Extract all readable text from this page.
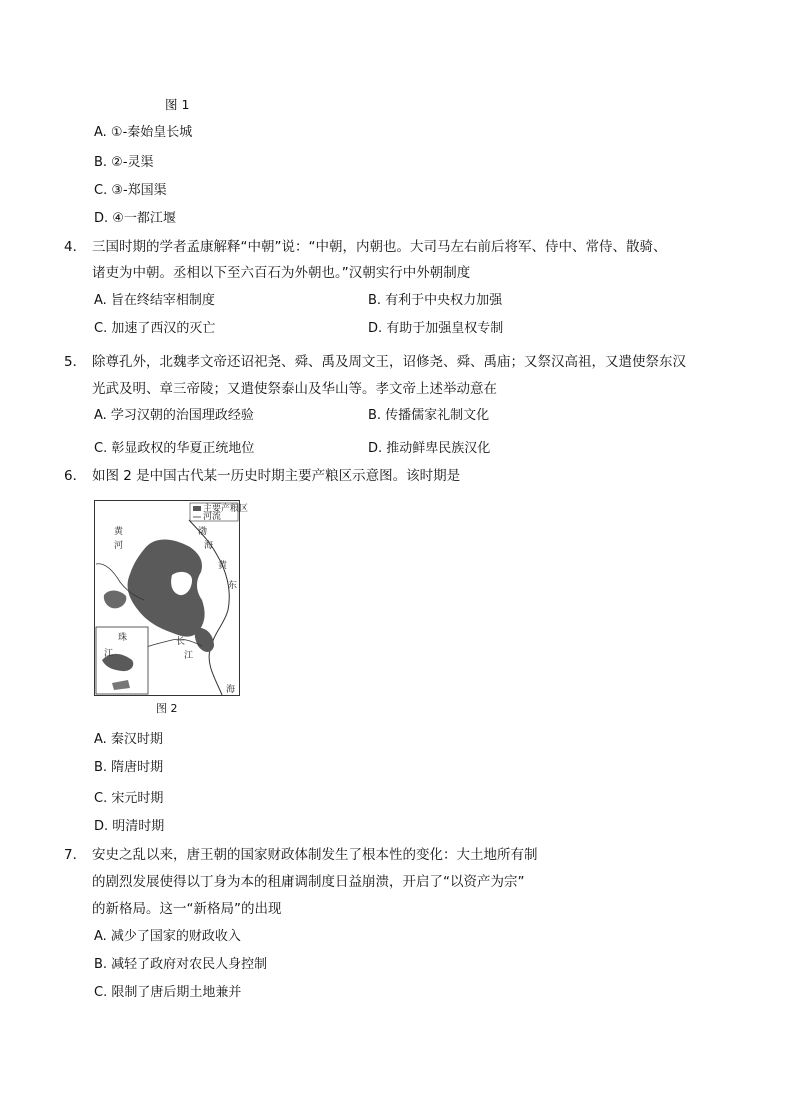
图 1
A. ①-秦始皇长城
B. ②-灵渠
C. ③-郑国渠
D. ④一都江堰
4． 三国时期的学者孟康解释“中朝”说：“中朝，内朝也。大司马左右前后将军、侍中、常侍、散骑、
诸吏为中朝。丞相以下至六百石为外朝也。”汉朝实行中外朝制度
A. 旨在终结宰相制度	B. 有利于中央权力加强
C. 加速了西汉的灭亡	D. 有助于加强皇权专制
5． 除尊孔外，北魏孝文帝还诏祀尧、舜、禹及周文王，诏修尧、舜、禹庙；又祭汉高祖，又遣使祭东汉
光武及明、章三帝陵；又遣使祭泰山及华山等。孝文帝上述举动意在
A. 学习汉朝的治国理政经验	B. 传播儒家礼制文化
C. 彰显政权的华夏正统地位	D. 推动鲜卑民族汉化
6． 如图 2 是中国古代某一历史时期主要产粮区示意图。该时期是
主要产粮区
河流
黄
河
渤
海
黄
东
长
江
海
珠
江
图 2
A. 秦汉时期
B. 隋唐时期
C. 宋元时期
D. 明清时期
7． 安史之乱以来，唐王朝的国家财政体制发生了根本性的变化：大土地所有制
的剧烈发展使得以丁身为本的租庸调制度日益崩溃，开启了“以资产为宗”
的新格局。这一“新格局”的出现
A. 减少了国家的财政收入
B. 减轻了政府对农民人身控制
C. 限制了唐后期土地兼并
